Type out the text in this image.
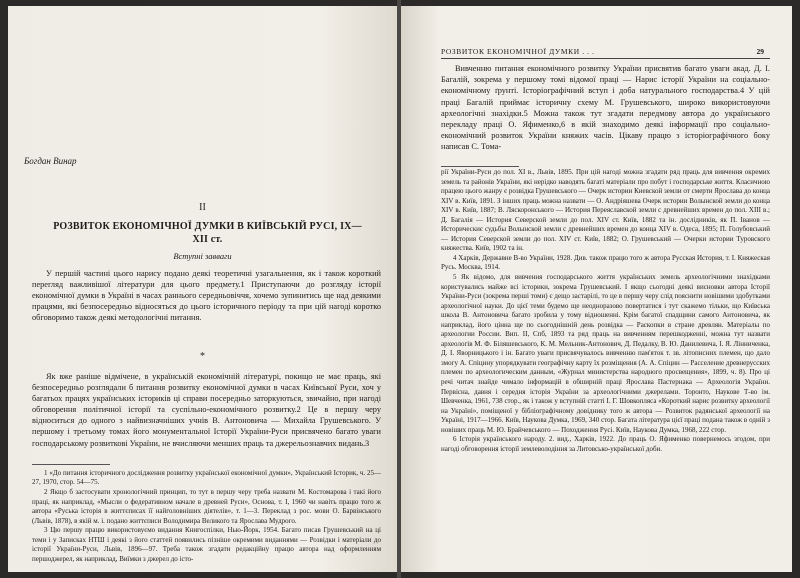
Богдан Винар
II
РОЗВИТОК ЕКОНОМІЧНОЇ ДУМКИ В КИЇВСЬКІЙ РУСІ, IX—XII ст.
Вступні завваги
У першій частині цього нарису подано деякі теоретичні узагальнення, як і також короткий перегляд важливішої літератури для цього предмету.1 Приступаючи до розгляду історії економічної думки в Україні в часах раннього середньовіччя, хочемо зупинитись ще над деякими працями, які безпосередньо відносяться до цього історичного періоду та при цій нагоді коротко обговоримо також деякі методологічні питання.
*
Як вже раніше відмічене, в українській економічній літературі, покищо не має праць, які безпосередньо розглядали б питання розвитку економічної думки в часах Київської Руси, хоч у багатьох працях українських істориків ці справи посередньо заторкуються, звичайно, при нагоді обговорення політичної історії та суспільно-економічного розвитку.2 Це в першу черу відноситься до одного з найвизначніших учнів В. Антоновича — Михайла Грушевського. У першому і третьому томах його монументальної Історії України-Руси присвячено багато уваги господарському розвиткові України, не вчисляючи менших праць та джерельознавчих видань.3

1 «До питання історичного дослідження розвитку української економічної думки», Український Історик, ч. 25—27, 1970, стор. 54—75.

2 Якщо б застосувати хронологічний принцип, то тут в першу черу треба назвати М. Костомарова і такі його праці, як наприклад, «Мысли о федеративном начале в древней Руси», Основа, т. I, 1960 чи навіть працю того ж автора «Руська історія в життєписах її найголовніших діятелів», т. 1—3. Переклад з рос. мови О. Барвінського (Львів, 1878), в якій м. і. подано життєписи Володимира Великого та Ярослава Мудрого.

3 Цю першу працю використовуємо видання Книгоспілки, Нью-Йорк, 1954. Багато писав Грушевський на ці теми і у Записках НТШ і деякі з його статтей появились пізніше окремими виданнями — Розвідки і матеріали до історії України-Руси, Львів, 1896—97. Треба також згадати редакційну працю автора над оформленням першоджерел, як наприклад, Виїмки з джерел до істо-

РОЗВИТОК ЕКОНОМІЧНОЇ ДУМКИ . . .	29
Вивченню питання економічного розвитку України присвятив багато уваги акад. Д. І. Багалій, зокрема у першому томі відомої праці — Нарис історії України на соціально-економічному ґрунті. Історіографічний вступ і доба натурального господарства.4 У цій праці Багалій приймає історичну схему М. Грушевського, широко використовуючи археологічні знахідки.5 Можна також тут згадати передмову автора до українського перекладу праці О. Яфименко,6 в якій знаходимо деякі інформації про соціально-економічний розвиток України княжих часів. Цікаву працю з історіографічного боку написав С. Тома-

рії України-Руси до пол. XI в., Львів, 1895. При цій нагоді можна згадати ряд праць для вивчення окремих земель та районів України, які нерідко наводять багаті матеріали про побут і господарське життя. Класичною працею цього жанру є розвідка Грушевського — Очерк истории Киевской земли от смерти Ярослава до конца XIV в. Київ, 1891. З інших праць можна назвати — О. Андріяшева Очерк истории Волынской земли до конца XIV в. Київ, 1887; В. Ляскоронського — История Переяславской земли с древнейших времен до пол. XIII в.; Д. Багалія — История Северской земли до пол. XIV ст. Київ, 1882 та ін. дослідників, як П. Іванов — Историческиє судьбы Волынской земли с древнейших времен до конца XIV в. Одеса, 1895; П. Голубовський — История Северской земли до пол. XIV ст. Київ, 1882; О. Грушевський — Очерки истории Туровского княжества. Київ, 1902 та ін.

4 Харків, Державне В-во України, 1928. Див. також працю того ж автора Русская История, т. I. Княжеская Русь. Москва, 1914.

5 Як відомо, для вивчення господарського життя українських земель археологічними знахідками користувались майже всі історики, зокрема Грушевський. І якщо сьогодні деякі висновки автора Історії України-Руси (зокрема перші томи) є дещо застарілі, то це в першу черу слід пояснити новішими здобутками археологічної науки. До цієї теми будемо ще неодноразово повертатися і тут скажемо тільки, що Київська школа В. Антоновича багато зробила у тому відношенні. Крім багатої спадщини самого Антоновича, як наприклад, його цінна ще по сьогоднішній день розвідка — Раскопки в стране древлян. Матеріалы по археологии России. Вип. II, Спб, 1893 та ряд праць на вивченням перешкодженні, можна тут назвати археологів М. Ф. Біляшевського, К. М. Мельник-Антонович, Д. Педалку, В. Ю. Данилевича, І. Я. Лінниченка, Д. І. Яворницького і ін. Багато уваги присвячувалось вивченню пам'яток т. зв. літописних племен, що дало змогу А. Спіцину упорядкувати географічну карту їх розміщення (А. А. Спіцин — Расселение древнерусских племен по археологическим данным, «Журнал министерства народного просвещения», 1899, ч. 8). Про ці речі читач знайде чимало інформацій в обширній праці Ярослава Пастернака — Археологія України. Первісна, давня і середня історія України за археологічними джерелами. Торонто, Наукове Т-во ім. Шевченка, 1961, 738 стор., як і також у вступній статті І. Г. Шовкопляса «Короткий нарис розвитку археології на Україні», поміщеної у бібліографічному довіднику того ж автора — Розвиток радянської археології на Україні, 1917—1966. Київ, Наукова Думка, 1969, 340 стор. Багата література цієї праці подана також в одній з новіших праць М. Ю. Брайчевського — Походження Русі. Київ, Наукова Думка, 1968, 222 стор.

6 Історія українського народу. 2. вид., Харків, 1922. До праць О. Яфименко повернемось згодом, при нагоді обговорення історії землеволодіння за Литовсько-української доби.
